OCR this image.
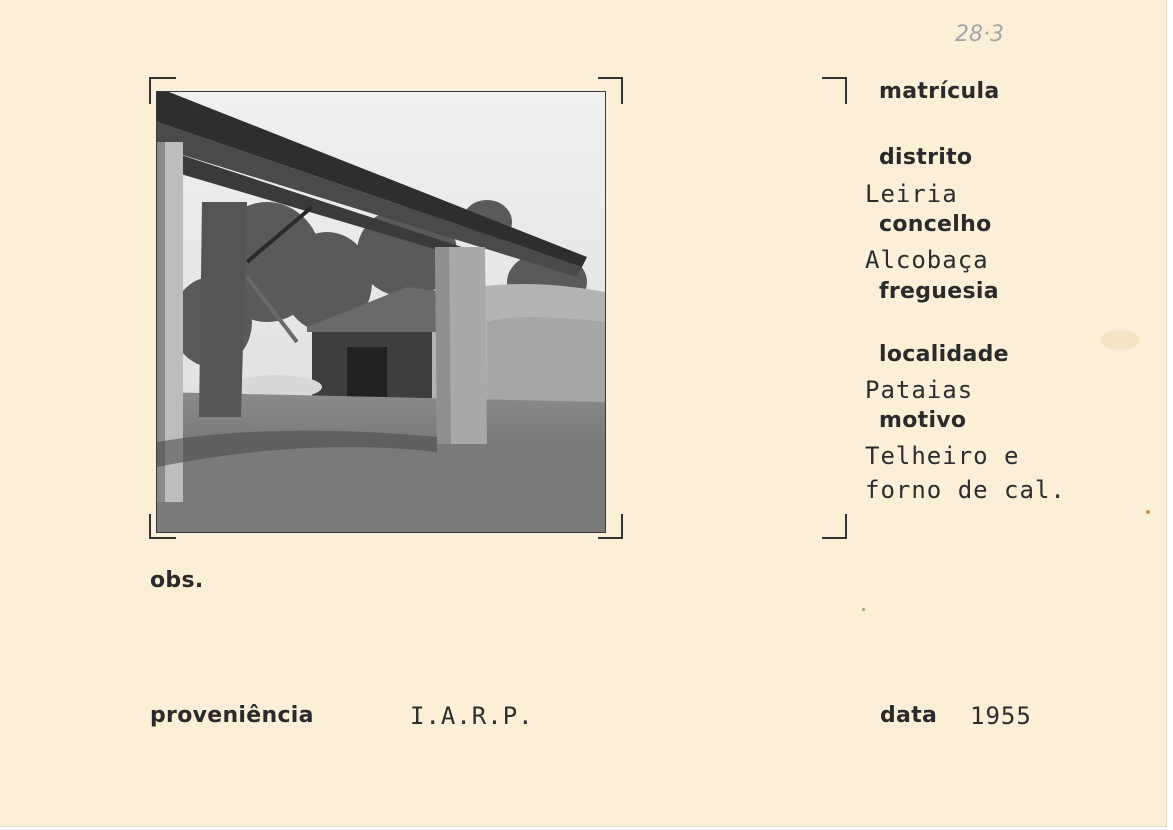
28·3
matrícula
distrito
Leiria
concelho
Alcobaça
freguesia
localidade
Pataias
motivo
Telheiro e
forno de cal.
obs.
proveniência	I.A.R.P.	data 1955
